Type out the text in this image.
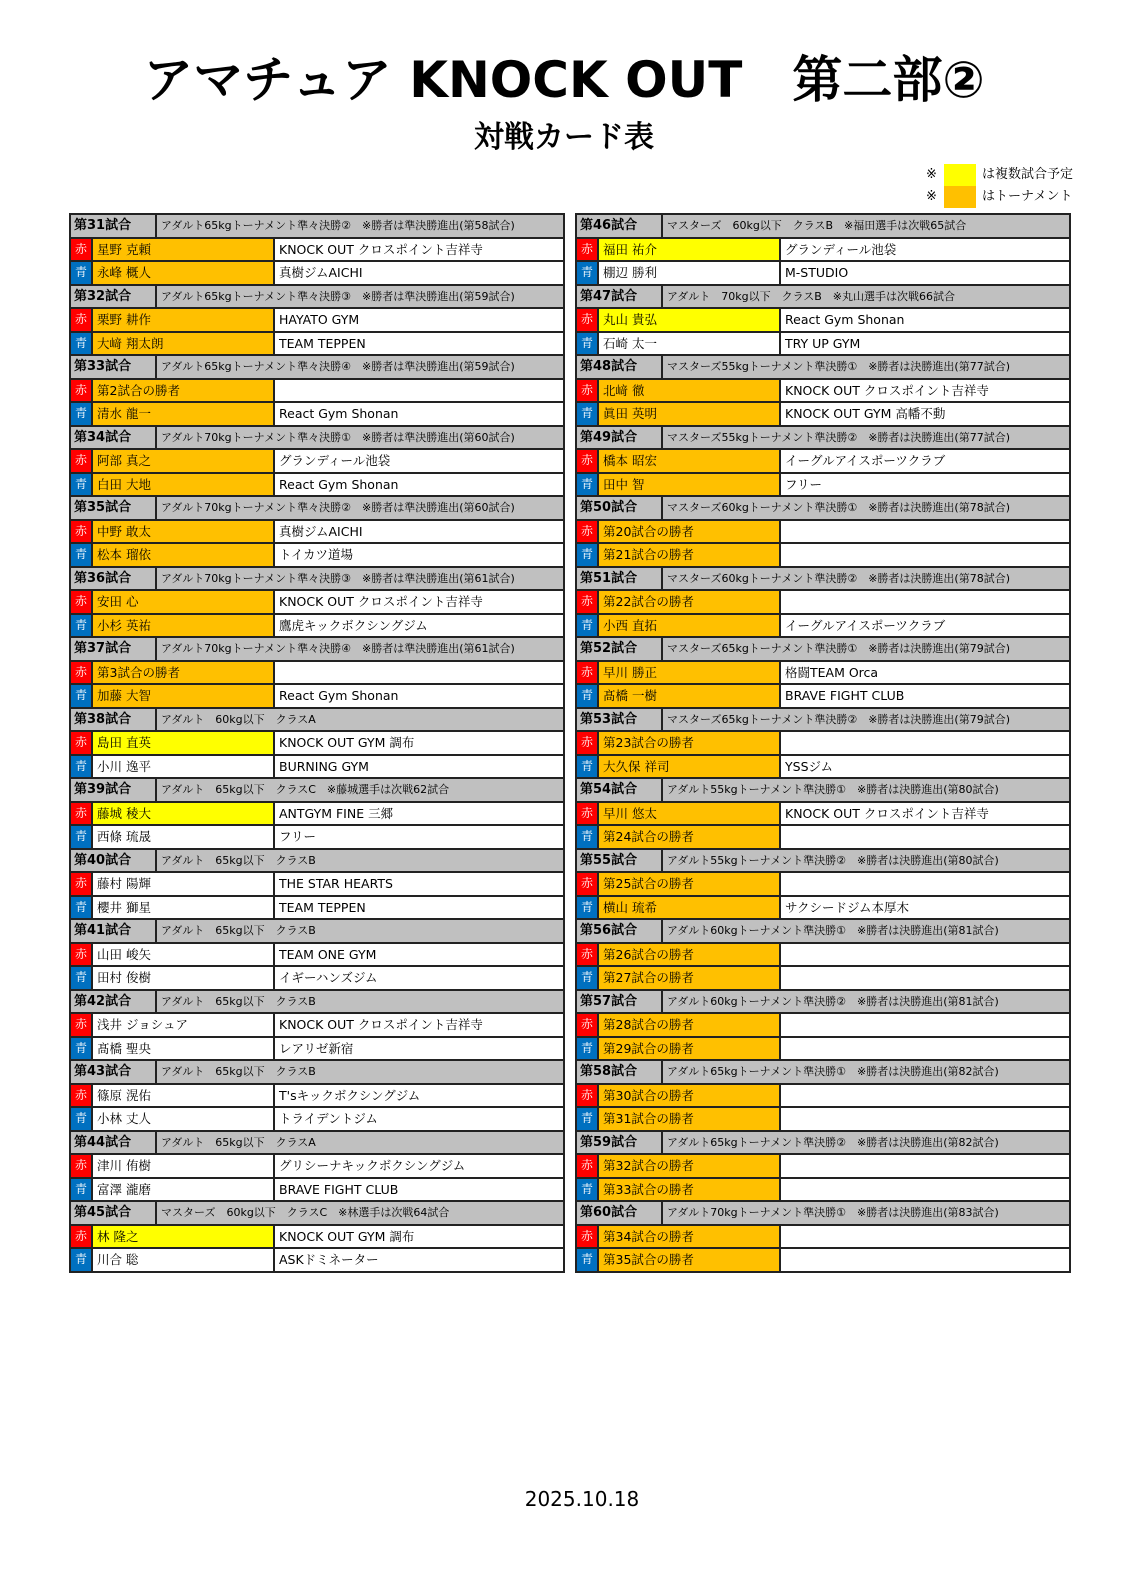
アマチュア KNOCK OUT　第二部②
対戦カード表
※	は複数試合予定
※	はトーナメント
第31試合	アダルト65kgトーナメント準々決勝②　※勝者は準決勝進出(第58試合)
赤 星野 克頼	KNOCK OUT クロスポイント吉祥寺
青 永峰 概人	真樹ジムAICHI
第32試合	アダルト65kgトーナメント準々決勝③　※勝者は準決勝進出(第59試合)
赤 栗野 耕作	HAYATO GYM
青 大﨑 翔太朗	TEAM TEPPEN
第33試合	アダルト65kgトーナメント準々決勝④　※勝者は準決勝進出(第59試合)
赤 第2試合の勝者
青 清水 龍一	React Gym Shonan
第34試合	アダルト70kgトーナメント準々決勝①　※勝者は準決勝進出(第60試合)
赤 阿部 真之	グランディール池袋
青 白田 大地	React Gym Shonan
第35試合	アダルト70kgトーナメント準々決勝②　※勝者は準決勝進出(第60試合)
赤 中野 敢太	真樹ジムAICHI
青 松本 瑠依	トイカツ道場
第36試合	アダルト70kgトーナメント準々決勝③　※勝者は準決勝進出(第61試合)
赤 安田 心	KNOCK OUT クロスポイント吉祥寺
青 小杉 英祐	鷹虎キックボクシングジム
第37試合	アダルト70kgトーナメント準々決勝④　※勝者は準決勝進出(第61試合)
赤 第3試合の勝者
青 加藤 大智	React Gym Shonan
第38試合	アダルト　60kg以下　クラスA
赤 島田 直英	KNOCK OUT GYM 調布
青 小川 逸平	BURNING GYM
第39試合	アダルト　65kg以下　クラスC　※藤城選手は次戦62試合
赤 藤城 稜大	ANTGYM FINE 三郷
青 西條 琉晟	フリー
第40試合	アダルト　65kg以下　クラスB
赤 藤村 陽輝	THE STAR HEARTS
青 櫻井 獅星	TEAM TEPPEN
第41試合	アダルト　65kg以下　クラスB
赤 山田 峻矢	TEAM ONE GYM
青 田村 俊樹	イギーハンズジム
第42試合	アダルト　65kg以下　クラスB
赤 浅井 ジョシュア	KNOCK OUT クロスポイント吉祥寺
青 髙橋 聖央	レアリゼ新宿
第43試合	アダルト　65kg以下　クラスB
赤 篠原 滉佑	T'sキックボクシングジム
青 小林 丈人	トライデントジム
第44試合	アダルト　65kg以下　クラスA
赤 津川 侑樹	グリシーナキックボクシングジム
青 富澤 瀧磨	BRAVE FIGHT CLUB
第45試合	マスターズ　60kg以下　クラスC　※林選手は次戦64試合
赤 林 隆之	KNOCK OUT GYM 調布
青 川合 聡	ASKドミネーター
第46試合	マスターズ　60kg以下　クラスB　※福田選手は次戦65試合
赤 福田 祐介	グランディール池袋
青 棚辺 勝利	M-STUDIO
第47試合	アダルト　70kg以下　クラスB　※丸山選手は次戦66試合
赤 丸山 貴弘	React Gym Shonan
青 石崎 太一	TRY UP GYM
第48試合	マスターズ55kgトーナメント準決勝①　※勝者は決勝進出(第77試合)
赤 北﨑 徹	KNOCK OUT クロスポイント吉祥寺
青 眞田 英明	KNOCK OUT GYM 高幡不動
第49試合	マスターズ55kgトーナメント準決勝②　※勝者は決勝進出(第77試合)
赤 橋本 昭宏	イーグルアイスポーツクラブ
青 田中 智	フリー
第50試合	マスターズ60kgトーナメント準決勝①　※勝者は決勝進出(第78試合)
赤 第20試合の勝者
青 第21試合の勝者
第51試合	マスターズ60kgトーナメント準決勝②　※勝者は決勝進出(第78試合)
赤 第22試合の勝者
青 小西 直拓	イーグルアイスポーツクラブ
第52試合	マスターズ65kgトーナメント準決勝①　※勝者は決勝進出(第79試合)
赤 早川 勝正	格闘TEAM Orca
青 髙橋 一樹	BRAVE FIGHT CLUB
第53試合	マスターズ65kgトーナメント準決勝②　※勝者は決勝進出(第79試合)
赤 第23試合の勝者
青 大久保 祥司	YSSジム
第54試合	アダルト55kgトーナメント準決勝①　※勝者は決勝進出(第80試合)
赤 早川 悠太	KNOCK OUT クロスポイント吉祥寺
青 第24試合の勝者
第55試合	アダルト55kgトーナメント準決勝②　※勝者は決勝進出(第80試合)
赤 第25試合の勝者
青 横山 琉希	サクシードジム本厚木
第56試合	アダルト60kgトーナメント準決勝①　※勝者は決勝進出(第81試合)
赤 第26試合の勝者
青 第27試合の勝者
第57試合	アダルト60kgトーナメント準決勝②　※勝者は決勝進出(第81試合)
赤 第28試合の勝者
青 第29試合の勝者
第58試合	アダルト65kgトーナメント準決勝①　※勝者は決勝進出(第82試合)
赤 第30試合の勝者
青 第31試合の勝者
第59試合	アダルト65kgトーナメント準決勝②　※勝者は決勝進出(第82試合)
赤 第32試合の勝者
青 第33試合の勝者
第60試合	アダルト70kgトーナメント準決勝①　※勝者は決勝進出(第83試合)
赤 第34試合の勝者
青 第35試合の勝者
2025.10.18
